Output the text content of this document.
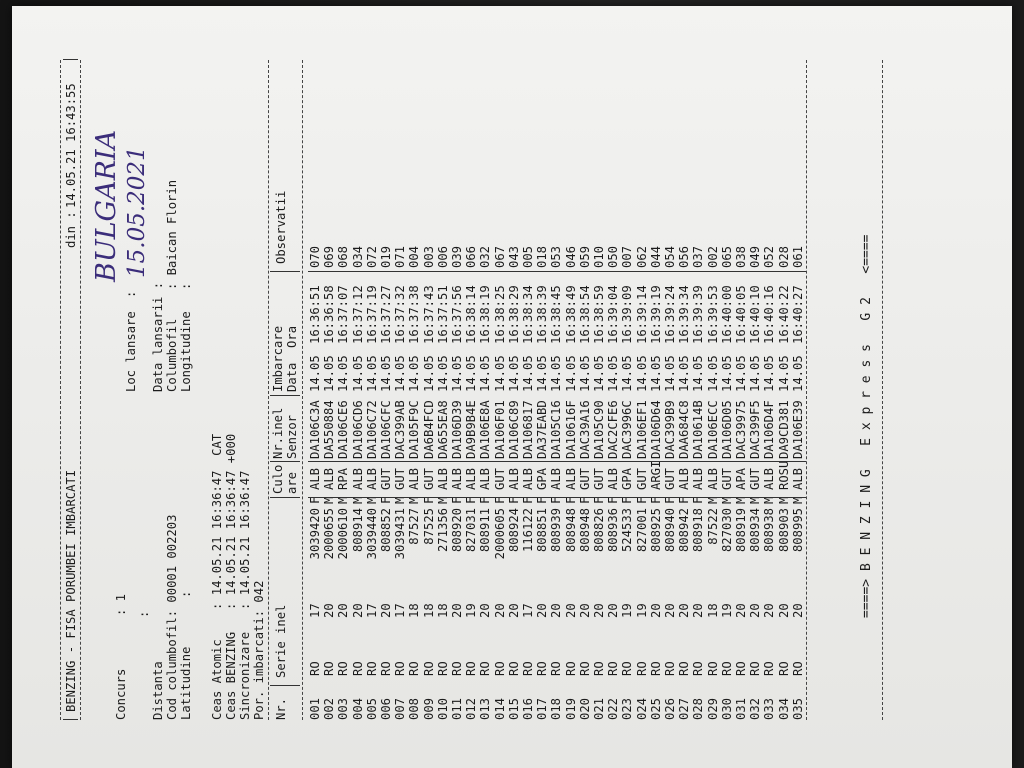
BENZING - FISA PORUMBEI IMBARCATI
din :
14.05.21 16:43:55
Concurs
: 1
Loc lansare
:
BULGARIA
Distanta
:
Data lansarii :
15.05.2021
Cod columbofil: 00001 002203
Columbofil
: Baican Florin
Latitudine
:
Longitudine
:
Ceas Atomic    : 14.05.21 16:36:47  CAT Ceas BENZING   : 14.05.21 16:36:47 +000 Sincronizare   : 14.05.21 16:36:47 Por. imbarcati: 042 Nr.
Serie inel
Culo are
Nr.inel Senzor
Imbarcare Data  Ora
Observatii
001
RO
17
3039420
F
ALB
DA106C3A
14.05
16:36:51
070
002
RO
20
2000655
M
ALB
DA550884
14.05
16:36:58
069
003
RO
20
2000610
M
RPA
DA106CE6
14.05
16:37:07
068
004
RO
20
808914
M
ALB
DA106CD6
14.05
16:37:12
034
005
RO
17
3039440
M
ALB
DA106C72
14.05
16:37:19
072
006
RO
20
808852
F
GUT
DA106CFC
14.05
16:37:27
019
007
RO
17
3039431
M
GUT
DAC399AB
14.05
16:37:32
071
008
RO
18
87527
M
ALB
DA105F9C
14.05
16:37:38
004
009
RO
18
87525
F
GUT
DA6B4FCD
14.05
16:37:43
003
010
RO
18
271356
M
ALB
DA655EA8
14.05
16:37:51
006
011
RO
20
808920
F
ALB
DA106D39
14.05
16:37:56
039
012
RO
19
827031
F
ALB
DA9B9B4E
14.05
16:38:14
066
013
RO
20
808911
F
ALB
DA106E8A
14.05
16:38:19
032
014
RO
20
2000605
F
GUT
DA106F01
14.05
16:38:25
067
015
RO
20
808924
F
ALB
DA106C89
14.05
16:38:29
043
016
RO
17
116122
F
ALB
DA106817
14.05
16:38:34
005
017
RO
20
808851
F
GPA
DA37EABD
14.05
16:38:39
018
018
RO
20
808939
F
ALB
DA105C16
14.05
16:38:45
053
019
RO
20
808948
F
ALB
DA10616F
14.05
16:38:49
046
020
RO
20
808948
F
GUT
DAC39A16
14.05
16:38:54
059
021
RO
20
808826
F
GUT
DA105C90
14.05
16:38:59
010
022
RO
20
808936
F
ALB
DAC2CFE6
14.05
16:39:04
050
023
RO
19
524533
F
GPA
DAC3996C
14.05
16:39:09
007
024
RO
19
827001
F
GUT
DA106EF1
14.05
16:39:14
062
025
RO
20
808925
F
ARGI
DA106D64
14.05
16:39:19
044
026
RO
20
808940
F
GUT
DAC399B9
14.05
16:39:24
054
027
RO
20
808942
F
ALB
DAA684C8
14.05
16:39:34
056
028
RO
20
808918
F
ALB
DA10614B
14.05
16:39:39
037
029
RO
18
87522
M
ALB
DA106ECC
14.05
16:39:53
002
030
RO
19
827030
M
GUT
DA106D05
14.05
16:40:00
065
031
RO
20
808919
M
APA
DAC39975
14.05
16:40:05
038
032
RO
20
808934
M
GUT
DAC399F5
14.05
16:40:10
049
033
RO
20
808938
M
ALB
DA106D4F
14.05
16:40:16
052
034
RO
20
808903
M
ROSU
DA9CD381
14.05
16:40:22
028
035
RO
20
808995
M
ALB
DA106E39
14.05
16:40:27
061	====> B E N Z I N G   E x p r e s s   G 2   <====
